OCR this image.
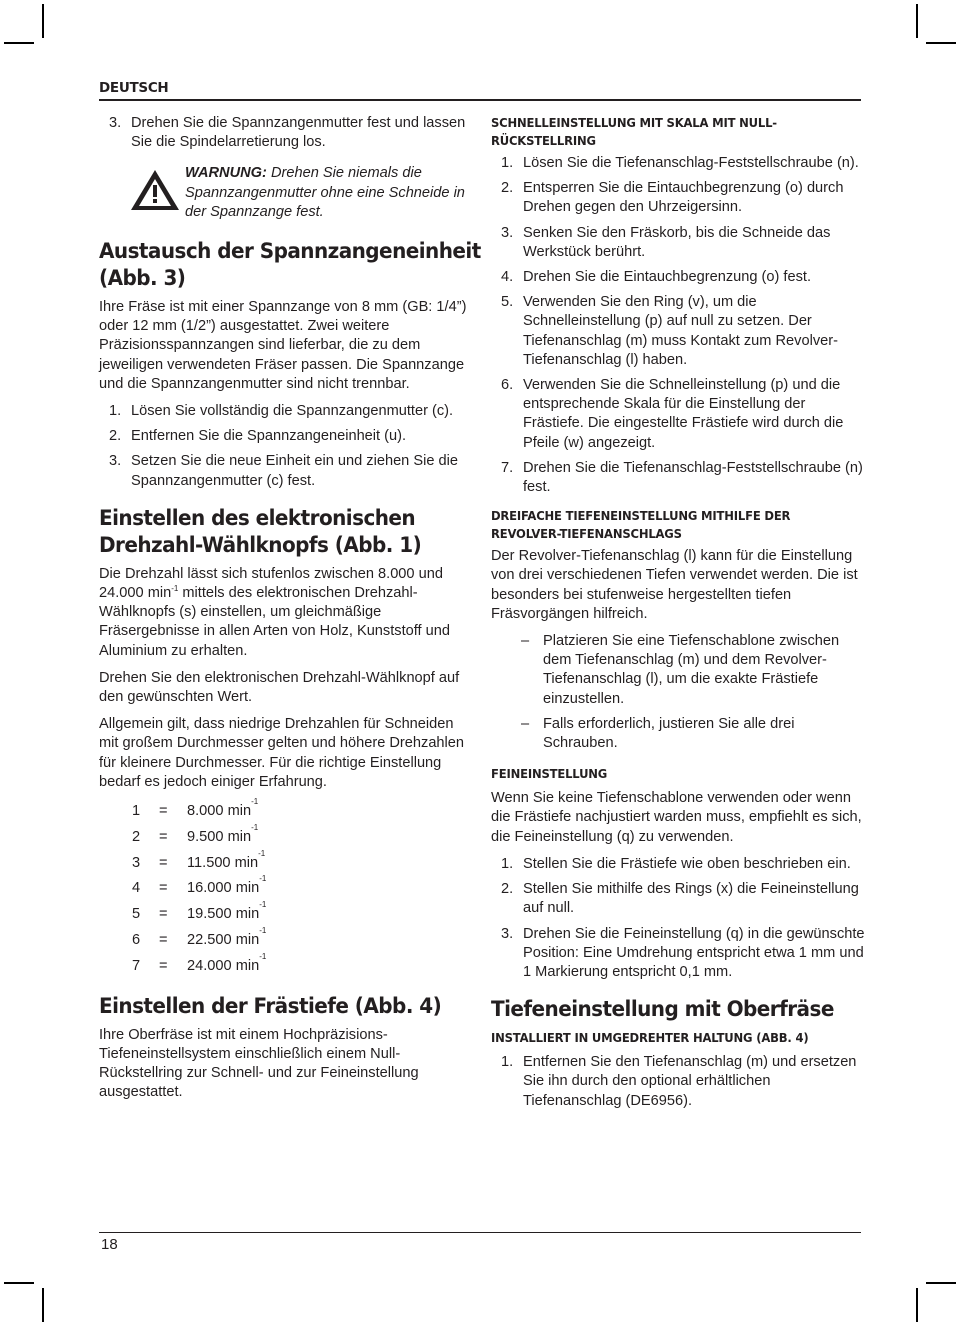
DEUTSCH
3. Drehen Sie die Spannzangenmutter fest und lassen Sie die Spindelarretierung los.

WARNUNG: Drehen Sie niemals die Spannzangenmutter ohne eine Schneide in der Spannzange fest.

Austausch der Spannzangeneinheit
(Abb. 3)

Ihre Fräse ist mit einer Spannzange von 8 mm (GB: 1/4”) oder 12 mm (1/2”) ausgestattet. Zwei weitere Präzisionsspannzangen sind lieferbar, die zu dem jeweiligen verwendeten Fräser passen. Die Spannzange und die Spannzangenmutter sind nicht trennbar.

1. Lösen Sie vollständig die Spannzangenmutter (c).
2. Entfernen Sie die Spannzangeneinheit (u).
3. Setzen Sie die neue Einheit ein und ziehen Sie die Spannzangenmutter (c) fest.
Einstellen des elektronischen
Drehzahl-Wählknopfs (Abb. 1)

Die Drehzahl lässt sich stufenlos zwischen 8.000 und 24.000 $\min^{-1}$ mittels des elektronischen Drehzahl-Wählknopfs (s) einstellen, um gleichmäßige Fräsergebnisse in allen Arten von Holz, Kunststoff und Aluminium zu erhalten.

Drehen Sie den elektronischen Drehzahl-Wählknopf auf den gewünschten Wert.

Allgemein gilt, dass niedrige Drehzahlen für Schneiden mit großem Durchmesser gelten und höhere Drehzahlen für kleinere Durchmesser. Für die richtige Einstellung bedarf es jedoch einiger Erfahrung.

1	=	8.000 min
-1
2	=	9.500 min
-1
3	=	11.500 min
-1
4	=	16.000 min
-1
5	=	19.500 min
-1
6	=	22.500 min
-1
7	=	24.000 min
-1
Einstellen der Frästiefe (Abb. 4)

Ihre Oberfräse ist mit einem Hochpräzisions-Tiefeneinstellsystem einschließlich einem Null-Rückstellring zur Schnell- und zur Feineinstellung ausgestattet.

SCHNELLEINSTELLUNG MIT SKALA MIT NULL-
RÜCKSTELLRING
1. Lösen Sie die Tiefenanschlag-Feststellschraube (n).
2. Entsperren Sie die Eintauchbegrenzung (o) durch Drehen gegen den Uhrzeigersinn.
3. Senken Sie den Fräskorb, bis die Schneide das Werkstück berührt.
4. Drehen Sie die Eintauchbegrenzung (o) fest.
5. Verwenden Sie den Ring (v), um die Schnelleinstellung (p) auf null zu setzen. Der Tiefenanschlag (m) muss Kontakt zum Revolver-Tiefenanschlag (l) haben.
6. Verwenden Sie die Schnelleinstellung (p) und die entsprechende Skala für die Einstellung der Frästiefe. Die eingestellte Frästiefe wird durch die Pfeile (w) angezeigt.
7. Drehen Sie die Tiefenanschlag-Feststellschraube (n) fest.
DREIFACHE TIEFENEINSTELLUNG MITHILFE DER
REVOLVER-TIEFENANSCHLAGS

Der Revolver-Tiefenanschlag (l) kann für die Einstellung von drei verschiedenen Tiefen verwendet werden. Die ist besonders bei stufenweise hergestellten tiefen Fräsvorgängen hilfreich.

– Platzieren Sie eine Tiefenschablone zwischen dem Tiefenanschlag (m) und dem Revolver-Tiefenanschlag (l), um die exakte Frästiefe einzustellen.
– Falls erforderlich, justieren Sie alle drei Schrauben.
FEINEINSTELLUNG

Wenn Sie keine Tiefenschablone verwenden oder wenn die Frästiefe nachjustiert warden muss, empfiehlt es sich, die Feineinstellung (q) zu verwenden.

1. Stellen Sie die Frästiefe wie oben beschrieben ein.
2. Stellen Sie mithilfe des Rings (x) die Feineinstellung auf null.
3. Drehen Sie die Feineinstellung (q) in die gewünschte Position: Eine Umdrehung entspricht etwa 1 mm und 1 Markierung entspricht 0,1 mm.
Tiefeneinstellung mit Oberfräse
INSTALLIERT IN UMGEDREHTER HALTUNG (ABB. 4)
1. Entfernen Sie den Tiefenanschlag (m) und ersetzen Sie ihn durch den optional erhältlichen Tiefenanschlag (DE6956).
18
